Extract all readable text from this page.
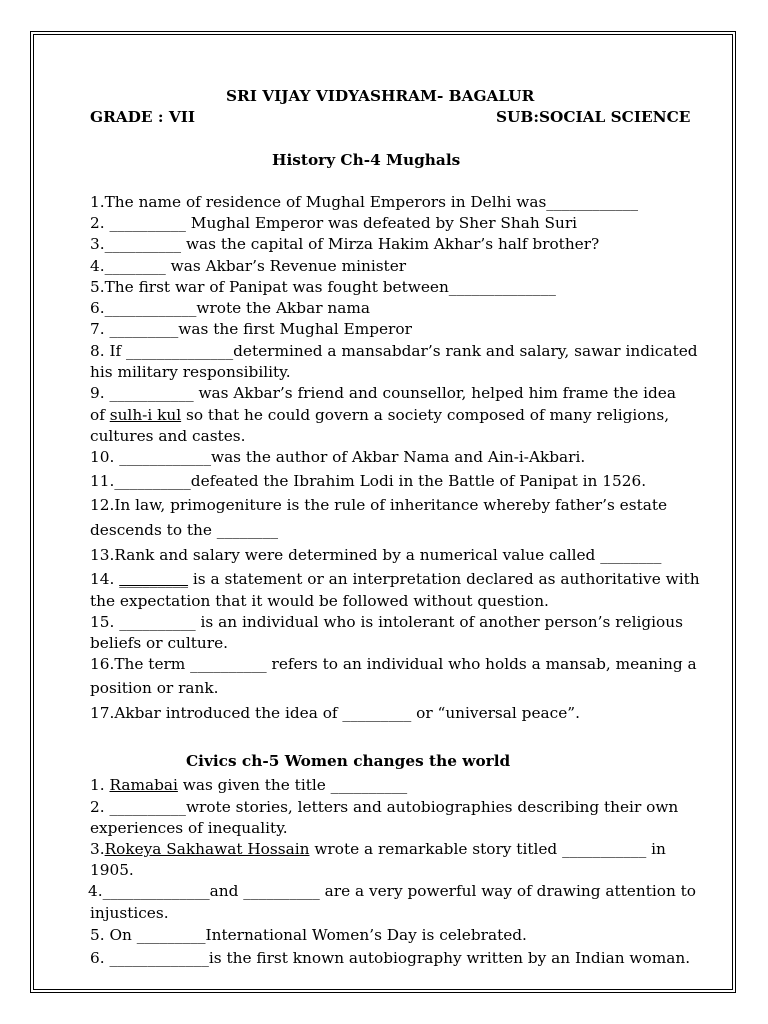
SRI VIJAY VIDYASHRAM- BAGALUR
GRADE : VII	SUB:SOCIAL SCIENCE
History Ch-4 Mughals
1.The name of residence of Mughal Emperors in Delhi was____________
2. __________ Mughal Emperor was defeated by Sher Shah Suri
3.__________ was the capital of Mirza Hakim Akhar’s half brother?
4.________ was Akbar’s Revenue minister
5.The first war of Panipat was fought between______________
6.____________wrote the Akbar nama
7. _________was the first Mughal Emperor
8. If ______________determined a mansabdar’s rank and salary, sawar indicated
his military responsibility.
9. ___________ was Akbar’s friend and counsellor, helped him frame the idea
of sulh-i kul so that he could govern a society composed of many religions,
cultures and castes.
10. ____________was the author of Akbar Nama and Ain-i-Akbari.
11.__________defeated the Ibrahim Lodi in the Battle of Panipat in 1526.
12.In law, primogeniture is the rule of inheritance whereby father’s estate
descends to the ________
13.Rank and salary were determined by a numerical value called ________
14. _________ is a statement or an interpretation declared as authoritative with
the expectation that it would be followed without question.
15. __________ is an individual who is intolerant of another person’s religious
beliefs or culture.
16.The term __________ refers to an individual who holds a mansab, meaning a
position or rank.
17.Akbar introduced the idea of _________ or “universal peace”.
Civics ch-5 Women changes the world
1. Ramabai was given the title __________
2. __________wrote stories, letters and autobiographies describing their own
experiences of inequality.
3.Rokeya Sakhawat Hossain wrote a remarkable story titled ___________ in
1905.
4.______________and __________ are a very powerful way of drawing attention to
injustices.
5. On _________International Women’s Day is celebrated.
6. _____________is the first known autobiography written by an Indian woman.
